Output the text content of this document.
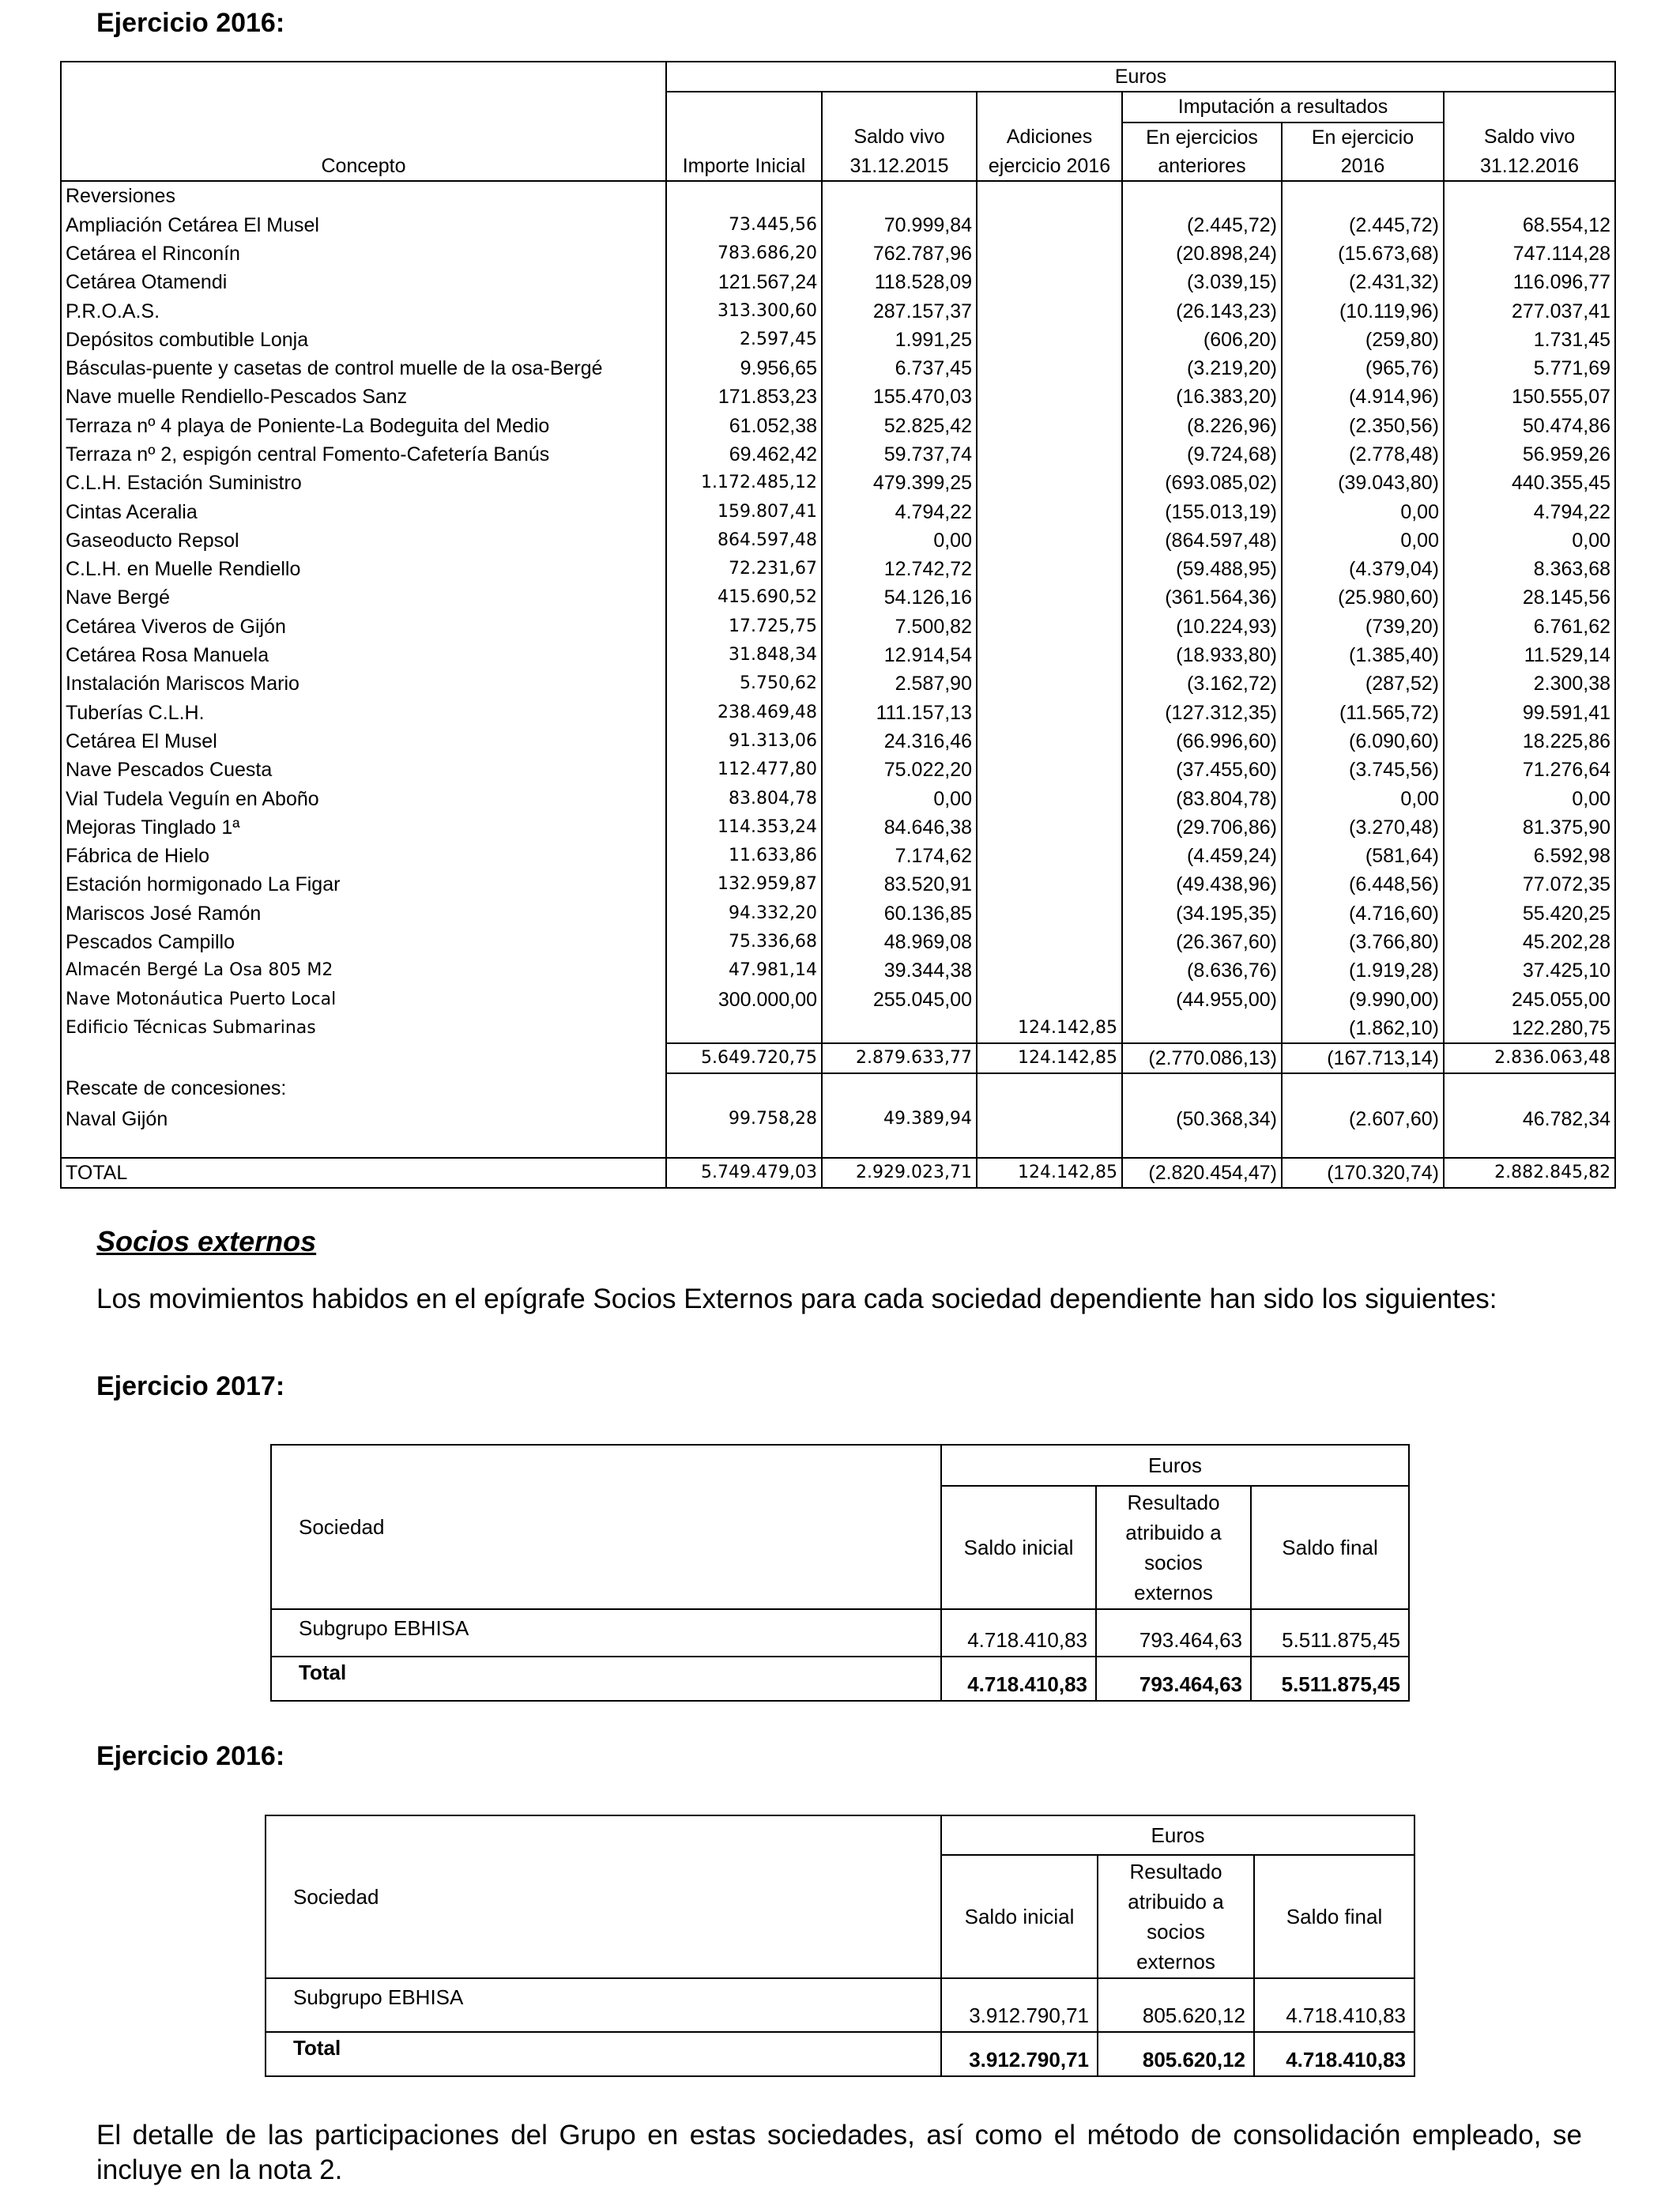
Ejercicio 2016:
	Euros					
				Imputación a resultados		
		Saldo vivo	Adiciones	En ejercicios	En ejercicio	Saldo vivo
Concepto	Importe Inicial	31.12.2015	ejercicio 2016	anteriores	2016	31.12.2016
Reversiones						
Ampliación Cetárea El Musel	73.445,56	70.999,84		(2.445,72)	(2.445,72)	68.554,12
Cetárea el Rinconín	783.686,20	762.787,96		(20.898,24)	(15.673,68)	747.114,28
Cetárea Otamendi	121.567,24	118.528,09		(3.039,15)	(2.431,32)	116.096,77
P.R.O.A.S.	313.300,60	287.157,37		(26.143,23)	(10.119,96)	277.037,41
Depósitos combutible Lonja	2.597,45	1.991,25		(606,20)	(259,80)	1.731,45
Básculas-puente y casetas de control muelle de la osa-Bergé	9.956,65	6.737,45		(3.219,20)	(965,76)	5.771,69
Nave muelle Rendiello-Pescados Sanz	171.853,23	155.470,03		(16.383,20)	(4.914,96)	150.555,07
Terraza nº 4 playa de Poniente-La Bodeguita del Medio	61.052,38	52.825,42		(8.226,96)	(2.350,56)	50.474,86
Terraza nº 2, espigón central Fomento-Cafetería Banús	69.462,42	59.737,74		(9.724,68)	(2.778,48)	56.959,26
C.L.H. Estación Suministro	1.172.485,12	479.399,25		(693.085,02)	(39.043,80)	440.355,45
Cintas Aceralia	159.807,41	4.794,22		(155.013,19)	0,00	4.794,22
Gaseoducto Repsol	864.597,48	0,00		(864.597,48)	0,00	0,00
C.L.H. en Muelle Rendiello	72.231,67	12.742,72		(59.488,95)	(4.379,04)	8.363,68
Nave Bergé	415.690,52	54.126,16		(361.564,36)	(25.980,60)	28.145,56
Cetárea Viveros de Gijón	17.725,75	7.500,82		(10.224,93)	(739,20)	6.761,62
Cetárea Rosa Manuela	31.848,34	12.914,54		(18.933,80)	(1.385,40)	11.529,14
Instalación Mariscos Mario	5.750,62	2.587,90		(3.162,72)	(287,52)	2.300,38
Tuberías C.L.H.	238.469,48	111.157,13		(127.312,35)	(11.565,72)	99.591,41
Cetárea El Musel	91.313,06	24.316,46		(66.996,60)	(6.090,60)	18.225,86
Nave Pescados Cuesta	112.477,80	75.022,20		(37.455,60)	(3.745,56)	71.276,64
Vial Tudela Veguín en Aboño	83.804,78	0,00		(83.804,78)	0,00	0,00
Mejoras Tinglado 1ª	114.353,24	84.646,38		(29.706,86)	(3.270,48)	81.375,90
Fábrica de Hielo	11.633,86	7.174,62		(4.459,24)	(581,64)	6.592,98
Estación hormigonado La Figar	132.959,87	83.520,91		(49.438,96)	(6.448,56)	77.072,35
Mariscos José Ramón	94.332,20	60.136,85		(34.195,35)	(4.716,60)	55.420,25
Pescados Campillo	75.336,68	48.969,08		(26.367,60)	(3.766,80)	45.202,28
Almacén Bergé La Osa 805 M2	47.981,14	39.344,38		(8.636,76)	(1.919,28)	37.425,10
Nave Motonáutica Puerto Local	300.000,00	255.045,00		(44.955,00)	(9.990,00)	245.055,00
Edificio Técnicas Submarinas			124.142,85		(1.862,10)	122.280,75
	5.649.720,75	2.879.633,77	124.142,85	(2.770.086,13)	(167.713,14)	2.836.063,48
Rescate de concesiones:						
Naval Gijón	99.758,28	49.389,94		(50.368,34)	(2.607,60)	46.782,34

TOTAL	5.749.479,03	2.929.023,71	124.142,85	(2.820.454,47)	(170.320,74)	2.882.845,82
Socios externos

Los movimientos habidos en el epígrafe Socios Externos para cada sociedad dependiente han sido los siguientes:

Ejercicio 2017:
Sociedad	Euros		
	Saldo inicial	Resultado
atribuido a
socios
externos	Saldo final
Subgrupo EBHISA	4.718.410,83	793.464,63	5.511.875,45
Total	4.718.410,83	793.464,63	5.511.875,45
Ejercicio 2016:
Sociedad	Euros		
	Saldo inicial	Resultado
atribuido a
socios
externos	Saldo final
Subgrupo EBHISA	3.912.790,71	805.620,12	4.718.410,83
Total	3.912.790,71	805.620,12	4.718.410,83

El detalle de las participaciones del Grupo en estas sociedades, así como el método de consolidación empleado, se incluye en la nota 2.
